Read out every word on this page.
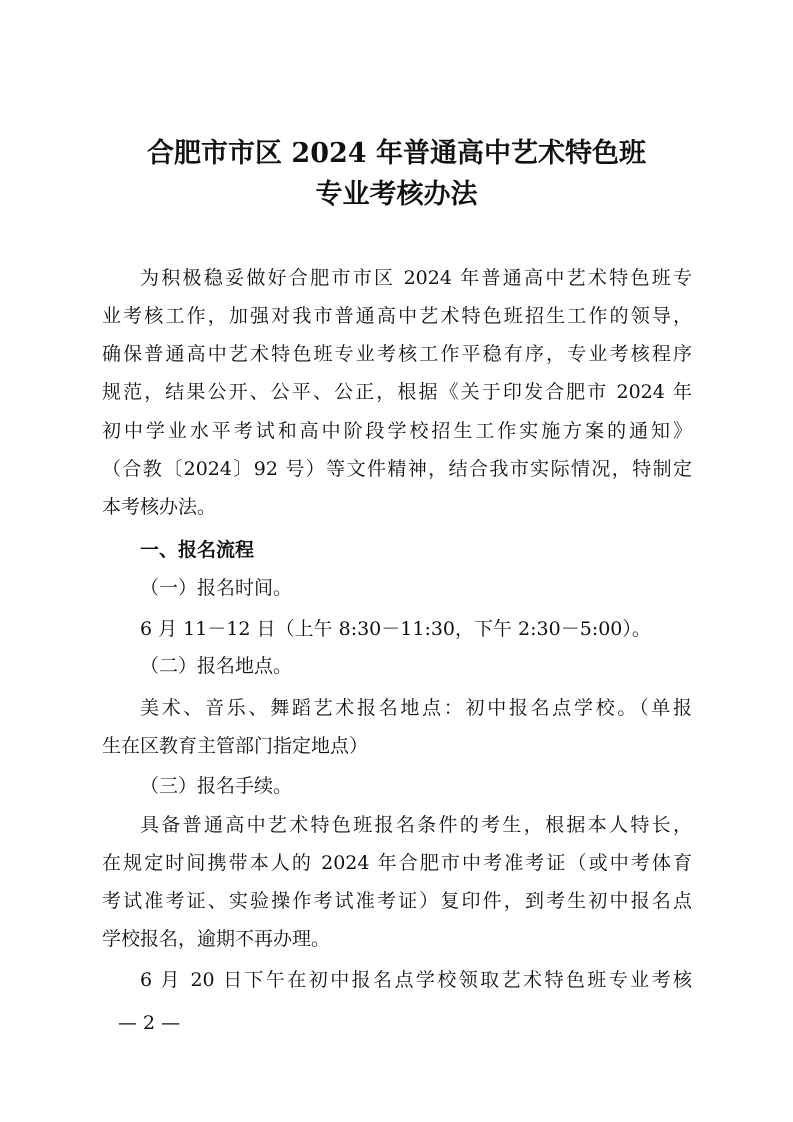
合肥市市区 2024 年普通高中艺术特色班
专业考核办法
为积极稳妥做好合肥市市区 2024 年普通高中艺术特色班专
业考核工作，加强对我市普通高中艺术特色班招生工作的领导，
确保普通高中艺术特色班专业考核工作平稳有序，专业考核程序
规范，结果公开、公平、公正，根据《关于印发合肥市 2024 年
初中学业水平考试和高中阶段学校招生工作实施方案的通知》
（合教〔2024〕92 号）等文件精神，结合我市实际情况，特制定
本考核办法。
一、报名流程
（一）报名时间。
6 月 11－12 日（上午 8:30－11:30，下午 2:30－5:00）。
（二）报名地点。
美术、音乐、舞蹈艺术报名地点：初中报名点学校。（单报
生在区教育主管部门指定地点）
（三）报名手续。
具备普通高中艺术特色班报名条件的考生，根据本人特长，
在规定时间携带本人的 2024 年合肥市中考准考证（或中考体育
考试准考证、实验操作考试准考证）复印件，到考生初中报名点
学校报名，逾期不再办理。
6 月 20 日下午在初中报名点学校领取艺术特色班专业考核
— 2 —
